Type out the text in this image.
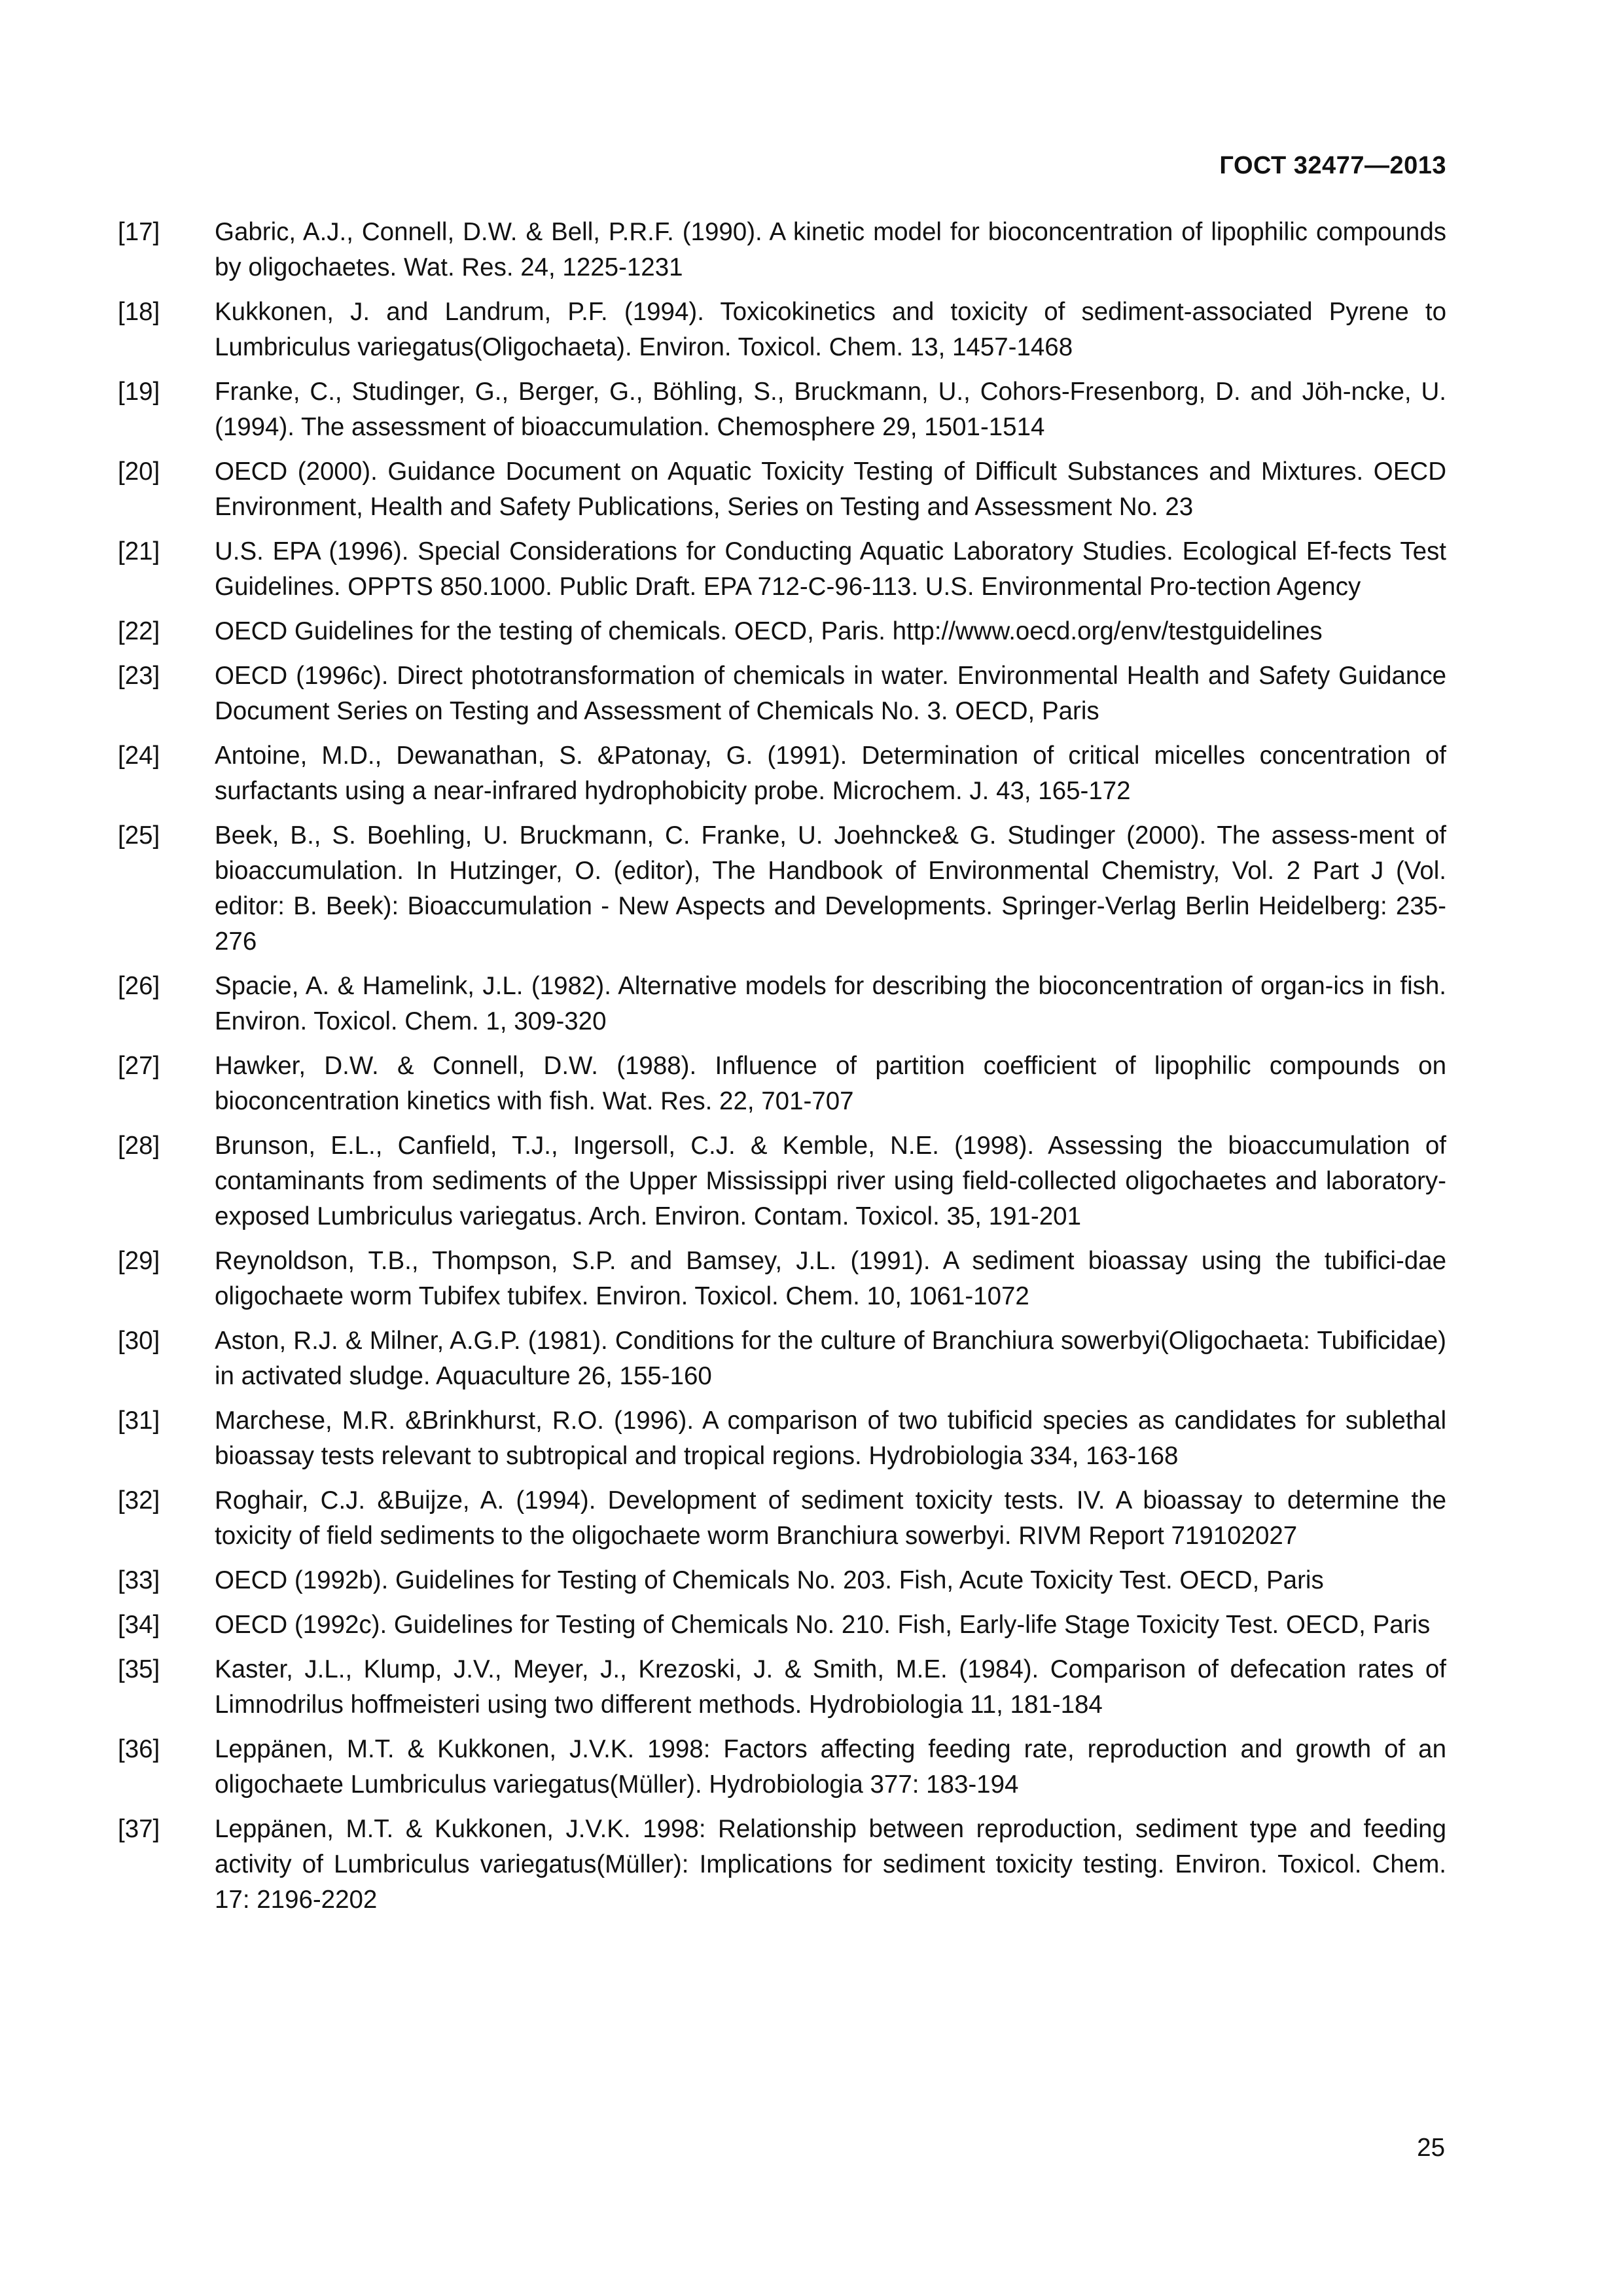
ГОСТ 32477—2013
[17]	Gabric, A.J., Connell, D.W. & Bell, P.R.F. (1990). A kinetic model for bioconcentration of lipophilic compounds by oligochaetes. Wat. Res. 24, 1225-1231
[18]	Kukkonen, J. and Landrum, P.F. (1994). Toxicokinetics and toxicity of sediment-associated Pyrene to Lumbriculus variegatus(Oligochaeta). Environ. Toxicol. Chem. 13, 1457-1468
[19]	Franke, C., Studinger, G., Berger, G., Böhling, S., Bruckmann, U., Cohors-Fresenborg, D. and Jöh-ncke, U. (1994). The assessment of bioaccumulation. Chemosphere 29, 1501-1514
[20]	OECD (2000). Guidance Document on Aquatic Toxicity Testing of Difficult Substances and Mixtures. OECD Environment, Health and Safety Publications, Series on Testing and Assessment No. 23
[21]	U.S. EPA (1996). Special Considerations for Conducting Aquatic Laboratory Studies. Ecological Ef-fects Test Guidelines. OPPTS 850.1000. Public Draft. EPA 712-C-96-113. U.S. Environmental Pro-tection Agency
[22]	OECD Guidelines for the testing of chemicals. OECD, Paris. http://www.oecd.org/env/testguidelines
[23]	OECD (1996c). Direct phototransformation of chemicals in water. Environmental Health and Safety Guidance Document Series on Testing and Assessment of Chemicals No. 3. OECD, Paris
[24]	Antoine, M.D., Dewanathan, S. &Patonay, G. (1991). Determination of critical micelles concentration of surfactants using a near-infrared hydrophobicity probe. Microchem. J. 43, 165-172
[25]	Beek, B., S. Boehling, U. Bruckmann, C. Franke, U. Joehncke& G. Studinger (2000). The assess-ment of bioaccumulation. In Hutzinger, O. (editor), The Handbook of Environmental Chemistry, Vol. 2 Part J (Vol. editor: B. Beek): Bioaccumulation - New Aspects and Developments. Springer-Verlag Berlin Heidelberg: 235-276
[26]	Spacie, A. & Hamelink, J.L. (1982). Alternative models for describing the bioconcentration of organ-ics in fish. Environ. Toxicol. Chem. 1, 309-320
[27]	Hawker, D.W. & Connell, D.W. (1988). Influence of partition coefficient of lipophilic compounds on bioconcentration kinetics with fish. Wat. Res. 22, 701-707
[28]	Brunson, E.L., Canfield, T.J., Ingersoll, C.J. & Kemble, N.E. (1998). Assessing the bioaccumulation of contaminants from sediments of the Upper Mississippi river using field-collected oligochaetes and laboratory-exposed Lumbriculus variegatus. Arch. Environ. Contam. Toxicol. 35, 191-201
[29]	Reynoldson, T.B., Thompson, S.P. and Bamsey, J.L. (1991). A sediment bioassay using the tubifici-dae oligochaete worm Tubifex tubifex. Environ. Toxicol. Chem. 10, 1061-1072
[30]	Aston, R.J. & Milner, A.G.P. (1981). Conditions for the culture of Branchiura sowerbyi(Oligochaeta: Tubificidae) in activated sludge. Aquaculture 26, 155-160
[31]	Marchese, M.R. &Brinkhurst, R.O. (1996). A comparison of two tubificid species as candidates for sublethal bioassay tests relevant to subtropical and tropical regions. Hydrobiologia 334, 163-168
[32]	Roghair, C.J. &Buijze, A. (1994). Development of sediment toxicity tests. IV. A bioassay to determine the toxicity of field sediments to the oligochaete worm Branchiura sowerbyi. RIVM Report 719102027
[33]	OECD (1992b). Guidelines for Testing of Chemicals No. 203. Fish, Acute Toxicity Test. OECD, Paris
[34]	OECD (1992c). Guidelines for Testing of Chemicals No. 210. Fish, Early-life Stage Toxicity Test. OECD, Paris
[35]	Kaster, J.L., Klump, J.V., Meyer, J., Krezoski, J. & Smith, M.E. (1984). Comparison of defecation rates of Limnodrilus hoffmeisteri using two different methods. Hydrobiologia 11, 181-184
[36]	Leppänen, M.T. & Kukkonen, J.V.K. 1998: Factors affecting feeding rate, reproduction and growth of an oligochaete Lumbriculus variegatus(Müller). Hydrobiologia 377: 183-194
[37]	Leppänen, M.T. & Kukkonen, J.V.K. 1998: Relationship between reproduction, sediment type and feeding activity of Lumbriculus variegatus(Müller): Implications for sediment toxicity testing. Environ. Toxicol. Chem. 17: 2196-2202
25
